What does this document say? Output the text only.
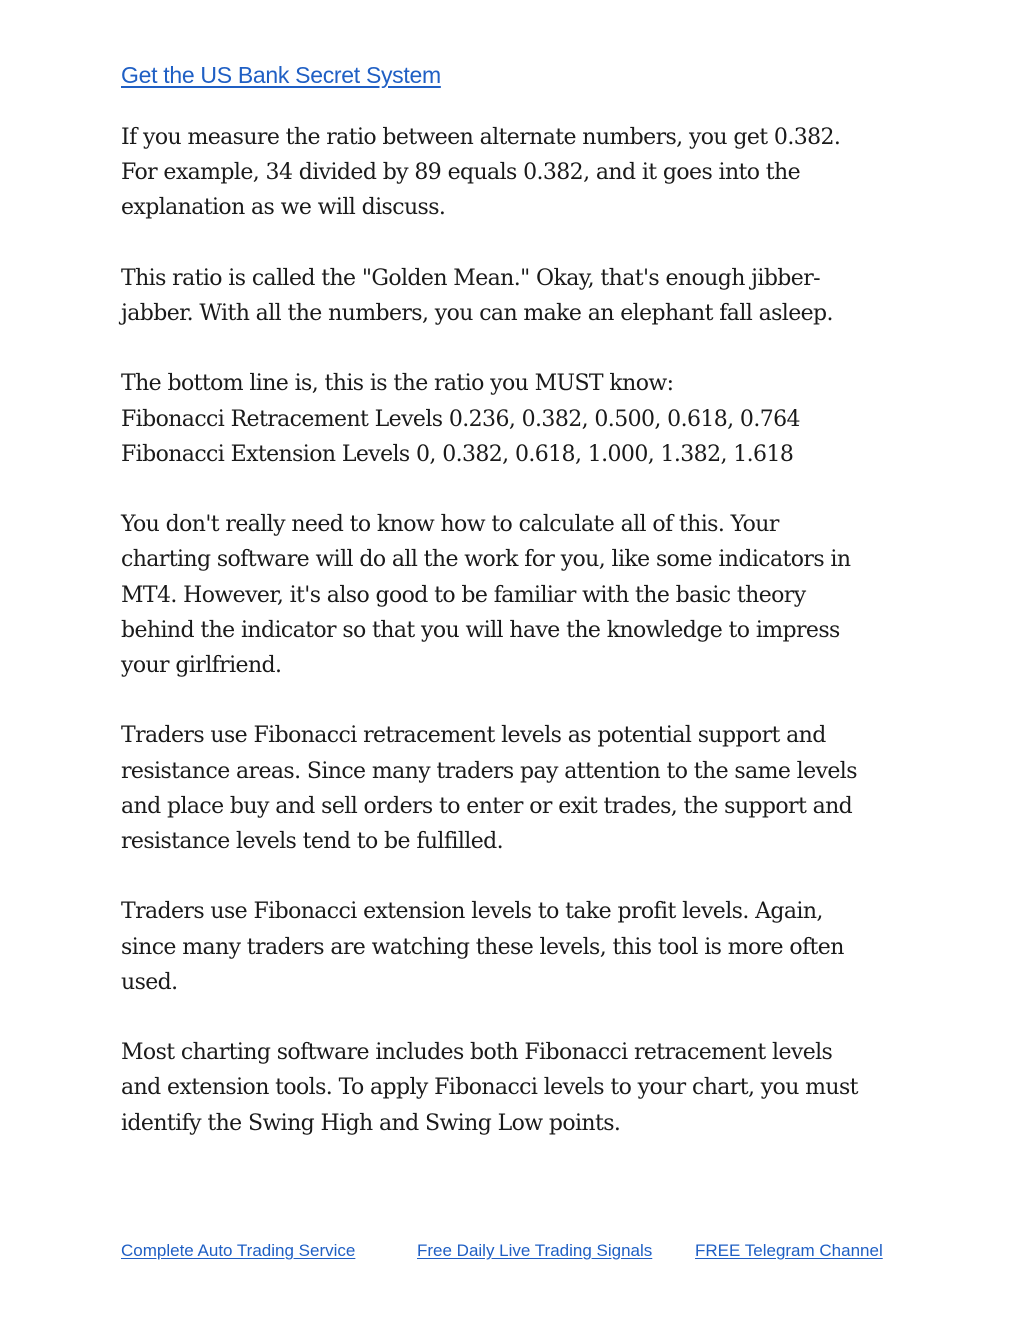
Get the US Bank Secret System

If you measure the ratio between alternate numbers, you get 0.382.
For example, 34 divided by 89 equals 0.382, and it goes into the
explanation as we will discuss.

This ratio is called the "Golden Mean." Okay, that's enough jibber-
jabber. With all the numbers, you can make an elephant fall asleep.

The bottom line is, this is the ratio you MUST know:
Fibonacci Retracement Levels 0.236, 0.382, 0.500, 0.618, 0.764
Fibonacci Extension Levels 0, 0.382, 0.618, 1.000, 1.382, 1.618

You don't really need to know how to calculate all of this. Your
charting software will do all the work for you, like some indicators in
MT4. However, it's also good to be familiar with the basic theory
behind the indicator so that you will have the knowledge to impress
your girlfriend.

Traders use Fibonacci retracement levels as potential support and
resistance areas. Since many traders pay attention to the same levels
and place buy and sell orders to enter or exit trades, the support and
resistance levels tend to be fulfilled.

Traders use Fibonacci extension levels to take profit levels. Again,
since many traders are watching these levels, this tool is more often
used.

Most charting software includes both Fibonacci retracement levels
and extension tools. To apply Fibonacci levels to your chart, you must
identify the Swing High and Swing Low points.

Complete Auto Trading Service	Free Daily Live Trading Signals	FREE Telegram Channel
